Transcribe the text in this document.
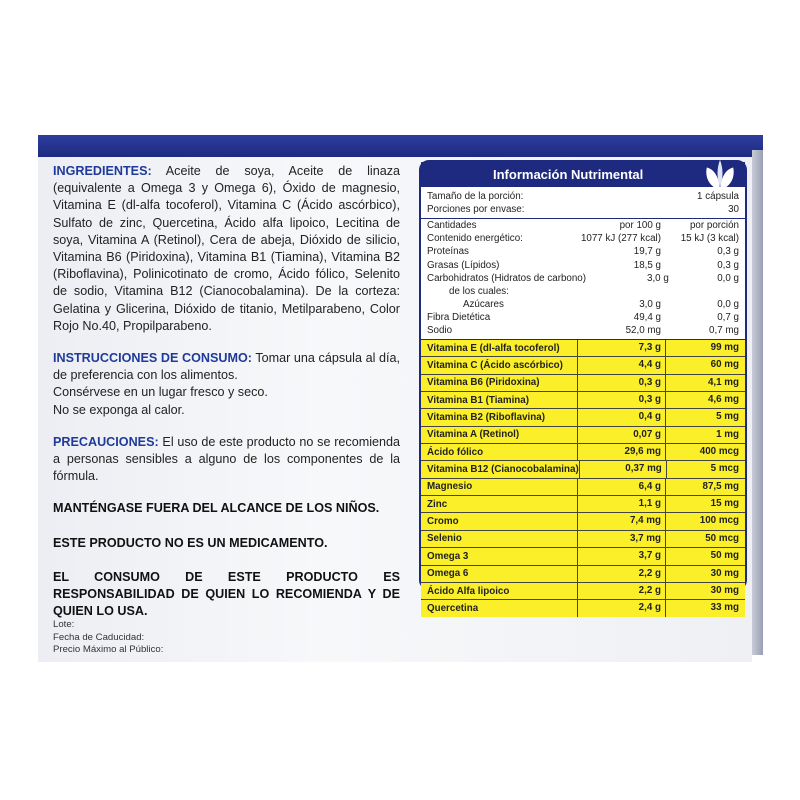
INGREDIENTES: Aceite de soya, Aceite de linaza (equivalente a Omega 3 y Omega 6), Óxido de magnesio, Vitamina E (dl-alfa tocoferol), Vitamina C (Ácido ascórbico), Sulfato de zinc, Quercetina, Ácido alfa lipoico, Lecitina de soya, Vitamina A (Retinol), Cera de abeja, Dióxido de silicio, Vitamina B6 (Piridoxina), Vitamina B1 (Tiamina), Vitamina B2 (Riboflavina), Polinicotinato de cromo, Ácido fólico, Selenito de sodio, Vitamina B12 (Cianocobalamina). De la corteza: Gelatina y Glicerina, Dióxido de titanio, Metilparabeno, Color Rojo No.40, Propilparabeno.

INSTRUCCIONES DE CONSUMO: Tomar una cápsula al día, de preferencia con los alimentos.

Consérvese en un lugar fresco y seco.

No se exponga al calor.

PRECAUCIONES: El uso de este producto no se recomienda a personas sensibles a alguno de los componentes de la fórmula.

MANTÉNGASE FUERA DEL ALCANCE DE LOS NIÑOS.

ESTE PRODUCTO NO ES UN MEDICAMENTO.

EL CONSUMO DE ESTE PRODUCTO ES RESPONSABILIDAD DE QUIEN LO RECOMIENDA Y DE QUIEN LO USA.

Lote:
Fecha de Caducidad:
Precio Máximo al Público:
Información Nutrimental
Tamaño de la porción:	1 cápsula
Porciones por envase:	30
Cantidades	por 100 g	por porción
Contenido energético:	1077 kJ (277 kcal)	15 kJ (3 kcal)
Proteínas	19,7 g	0,3 g
Grasas (Lípidos)	18,5 g	0,3 g
Carbohidratos (Hidratos de carbono)	3,0 g	0,0 g
de los cuales:
Azúcares	3,0 g	0,0 g
Fibra Dietética	49,4 g	0,7 g
Sodio	52,0 mg	0,7 mg
Vitamina E (dl-alfa tocoferol)	7,3 g	99 mg
Vitamina C (Ácido ascórbico)	4,4 g	60 mg
Vitamina B6 (Piridoxina)	0,3 g	4,1 mg
Vitamina B1 (Tiamina)	0,3 g	4,6 mg
Vitamina B2 (Riboflavina)	0,4 g	5 mg
Vitamina A (Retinol)	0,07 g	1 mg
Ácido fólico	29,6 mg	400 mcg
Vitamina B12 (Cianocobalamina)	0,37 mg	5 mcg
Magnesio	6,4 g	87,5 mg
Zinc	1,1 g	15 mg
Cromo	7,4 mg	100 mcg
Selenio	3,7 mg	50 mcg
Omega 3	3,7 g	50 mg
Omega 6	2,2 g	30 mg
Ácido Alfa lipoico	2,2 g	30 mg
Quercetina	2,4 g	33 mg
